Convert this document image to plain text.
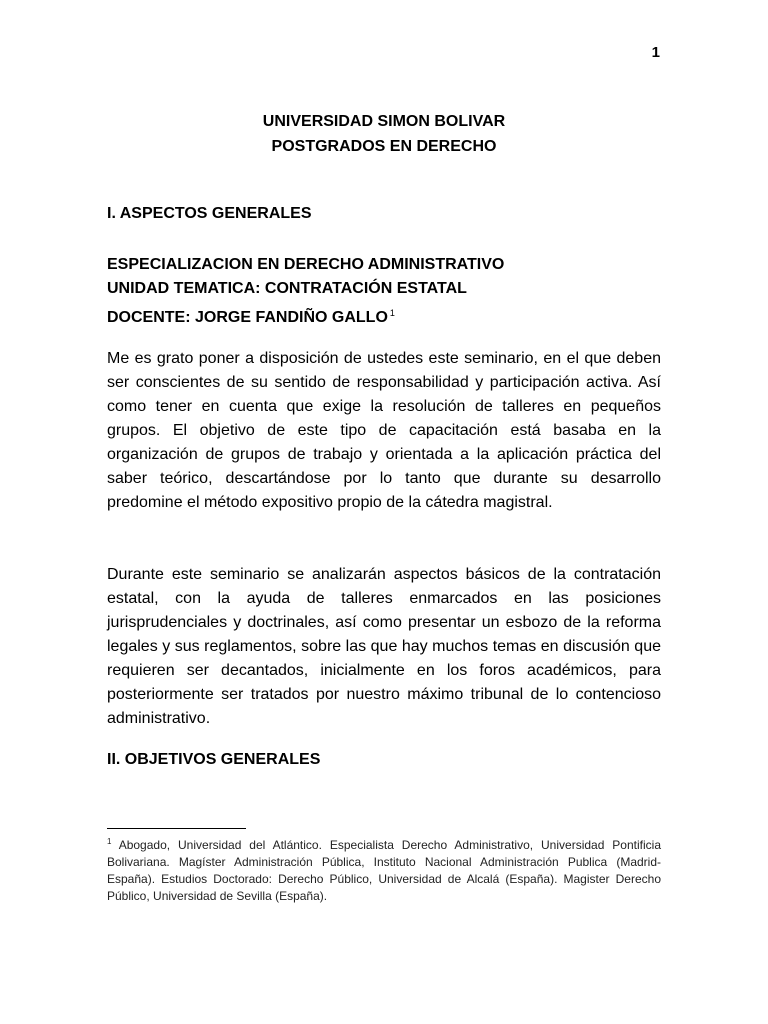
1
UNIVERSIDAD SIMON BOLIVAR
POSTGRADOS EN DERECHO
I. ASPECTOS GENERALES
ESPECIALIZACION EN DERECHO ADMINISTRATIVO
UNIDAD TEMATICA: CONTRATACIÓN ESTATAL
DOCENTE: JORGE FANDIÑO GALLO $^1$

Me es grato poner a disposición de ustedes este seminario, en el que deben ser conscientes de su sentido de responsabilidad y participación activa. Así como tener en cuenta que exige la resolución de talleres en pequeños grupos. El objetivo de este tipo de capacitación está basaba en la organización de grupos de trabajo y orientada a la aplicación práctica del saber teórico, descartándose por lo tanto que durante su desarrollo predomine el método expositivo propio de la cátedra magistral.

Durante este seminario se analizarán aspectos básicos de la contratación estatal, con la ayuda de talleres enmarcados en las posiciones jurisprudenciales y doctrinales, así como presentar un esbozo de la reforma legales y sus reglamentos, sobre las que hay muchos temas en discusión que requieren ser decantados, inicialmente en los foros académicos, para posteriormente ser tratados por nuestro máximo tribunal de lo contencioso administrativo.

II. OBJETIVOS GENERALES
$^1$ Abogado, Universidad del Atlántico. Especialista Derecho Administrativo, Universidad Pontificia Bolivariana. Magíster Administración Pública, Instituto Nacional Administración Publica (Madrid-España). Estudios Doctorado: Derecho Público, Universidad de Alcalá (España). Magister Derecho Público, Universidad de Sevilla (España).
